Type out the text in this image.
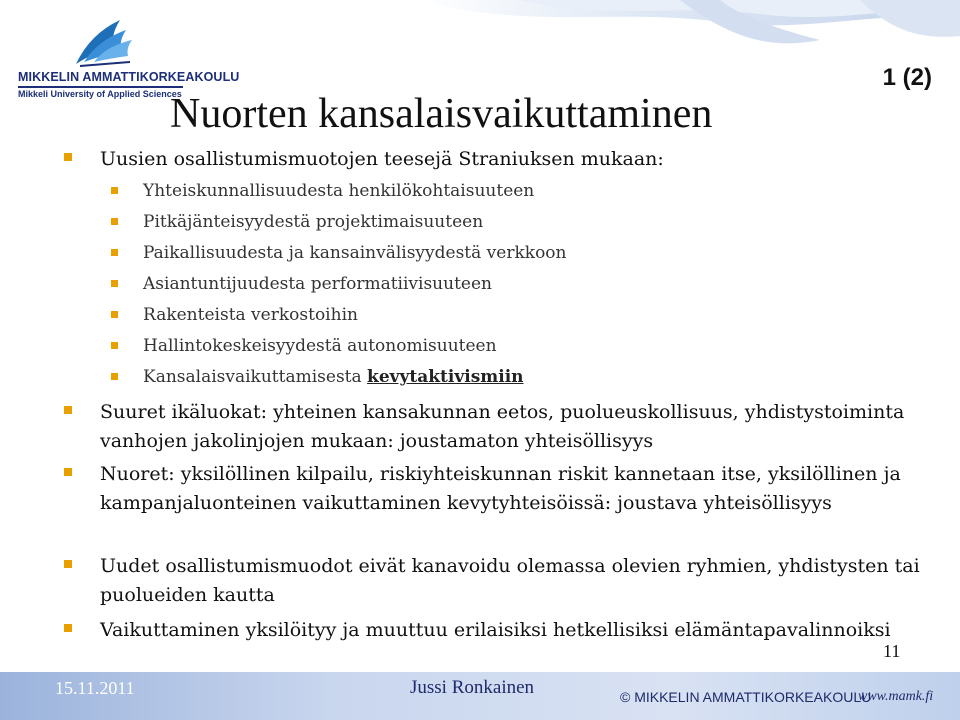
MIKKELIN AMMATTIKORKEAKOULU
Mikkeli University of Applied Sciences
1 (2)
Nuorten kansalaisvaikuttaminen
Uusien osallistumismuotojen teesejä Straniuksen mukaan:
Yhteiskunnallisuudesta henkilökohtaisuuteen
Pitkäjänteisyydestä projektimaisuuteen
Paikallisuudesta ja kansainvälisyydestä verkkoon
Asiantuntijuudesta performatiivisuuteen
Rakenteista verkostoihin
Hallintokeskeisyydestä autonomisuuteen
Kansalaisvaikuttamisesta kevytaktivismiin
Suuret ikäluokat: yhteinen kansakunnan eetos, puolueuskollisuus, yhdistystoiminta vanhojen jakolinjojen mukaan: joustamaton yhteisöllisyys
Nuoret: yksilöllinen kilpailu, riskiyhteiskunnan riskit kannetaan itse, yksilöllinen ja kampanjaluonteinen vaikuttaminen kevytyhteisöissä: joustava yhteisöllisyys
Uudet osallistumismuodot eivät kanavoidu olemassa olevien ryhmien, yhdistysten tai puolueiden kautta
Vaikuttaminen yksilöityy ja muuttuu erilaisiksi hetkellisiksi elämäntapavalinnoiksi
11
15.11.2011	Jussi Ronkainen	© MIKKELIN AMMATTIKORKEAKOULU
www.mamk.fi
